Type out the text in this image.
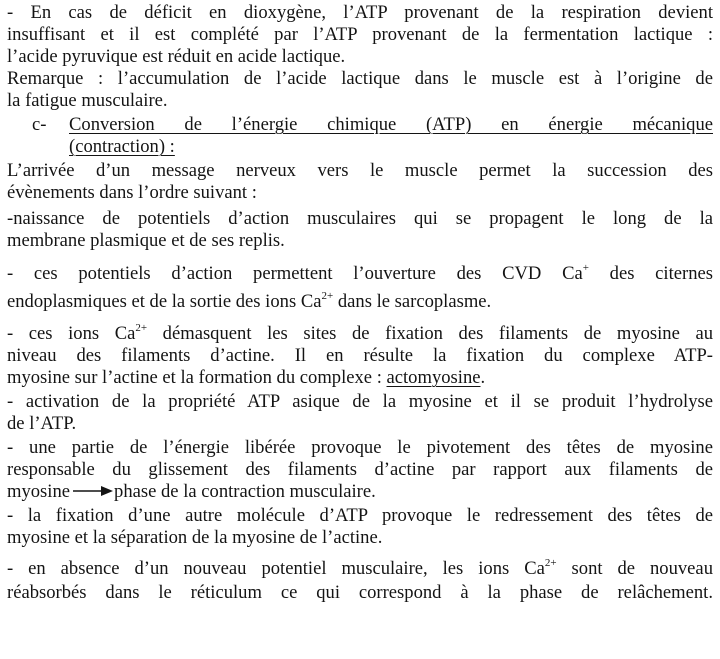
- En cas de déficit en dioxygène, l’ATP provenant de la respiration devient
insuffisant et il est complété par l’ATP provenant de la fermentation lactique :
l’acide pyruvique est réduit en acide lactique.
Remarque : l’accumulation de l’acide lactique dans le muscle est à l’origine de
la fatigue musculaire.
c- Conversion de l’énergie chimique (ATP) en énergie mécanique
(contraction) :
L’arrivée d’un message nerveux vers le muscle permet la succession des
évènements dans l’ordre suivant :
-naissance de potentiels d’action musculaires qui se propagent le long de la
membrane plasmique et de ses replis.
- ces potentiels d’action permettent l’ouverture des CVD Ca+ des citernes
endoplasmiques et de la sortie des ions $Ca^{2+}$ dans le sarcoplasme.
- ces ions $Ca^{2+}$ démasquent les sites de fixation des filaments de myosine au
niveau des filaments d’actine. Il en résulte la fixation du complexe ATP-
myosine sur l’actine et la formation du complexe : actomyosine.
- activation de la propriété ATP asique de la myosine et il se produit l’hydrolyse
de l’ATP.
- une partie de l’énergie libérée provoque le pivotement des têtes de myosine
responsable du glissement des filaments d’actine par rapport aux filaments de
myosine phase de la contraction musculaire.
- la fixation d’une autre molécule d’ATP provoque le redressement des têtes de
myosine et la séparation de la myosine de l’actine.
- en absence d’un nouveau potentiel musculaire, les ions $Ca^{2+}$ sont de nouveau
réabsorbés dans le réticulum ce qui correspond à la phase de relâchement.
